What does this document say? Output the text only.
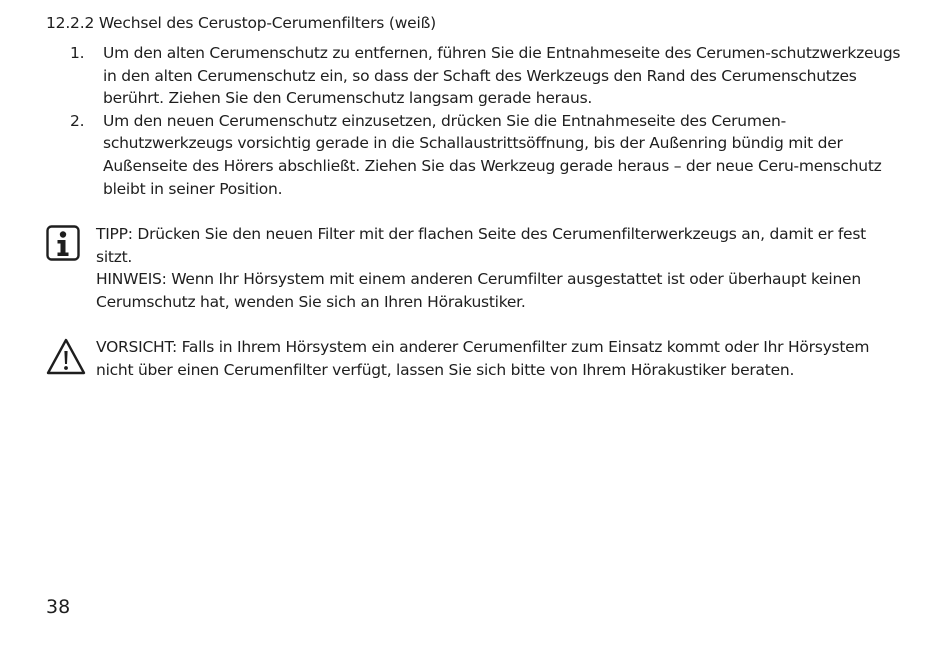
12.2.2 Wechsel des Cerustop-Cerumenfilters (weiß)
1. Um den alten Cerumenschutz zu entfernen, führen Sie die Entnahmeseite des Cerumen-schutzwerkzeugs in den alten Cerumenschutz ein, so dass der Schaft des Werkzeugs den Rand des Cerumenschutzes berührt. Ziehen Sie den Cerumenschutz langsam gerade heraus.
2. Um den neuen Cerumenschutz einzusetzen, drücken Sie die Entnahmeseite des Cerumen-schutzwerkzeugs vorsichtig gerade in die Schallaustrittsöffnung, bis der Außenring bündig mit der Außenseite des Hörers abschließt. Ziehen Sie das Werkzeug gerade heraus – der neue Ceru-menschutz bleibt in seiner Position.
TIPP: Drücken Sie den neuen Filter mit der flachen Seite des Cerumenfilterwerkzeugs an, damit er fest sitzt.
HINWEIS: Wenn Ihr Hörsystem mit einem anderen Cerumfilter ausgestattet ist oder überhaupt keinen Cerumschutz hat, wenden Sie sich an Ihren Hörakustiker.
VORSICHT: Falls in Ihrem Hörsystem ein anderer Cerumenfilter zum Einsatz kommt oder Ihr Hörsystem nicht über einen Cerumenfilter verfügt, lassen Sie sich bitte von Ihrem Hörakustiker beraten.
38
